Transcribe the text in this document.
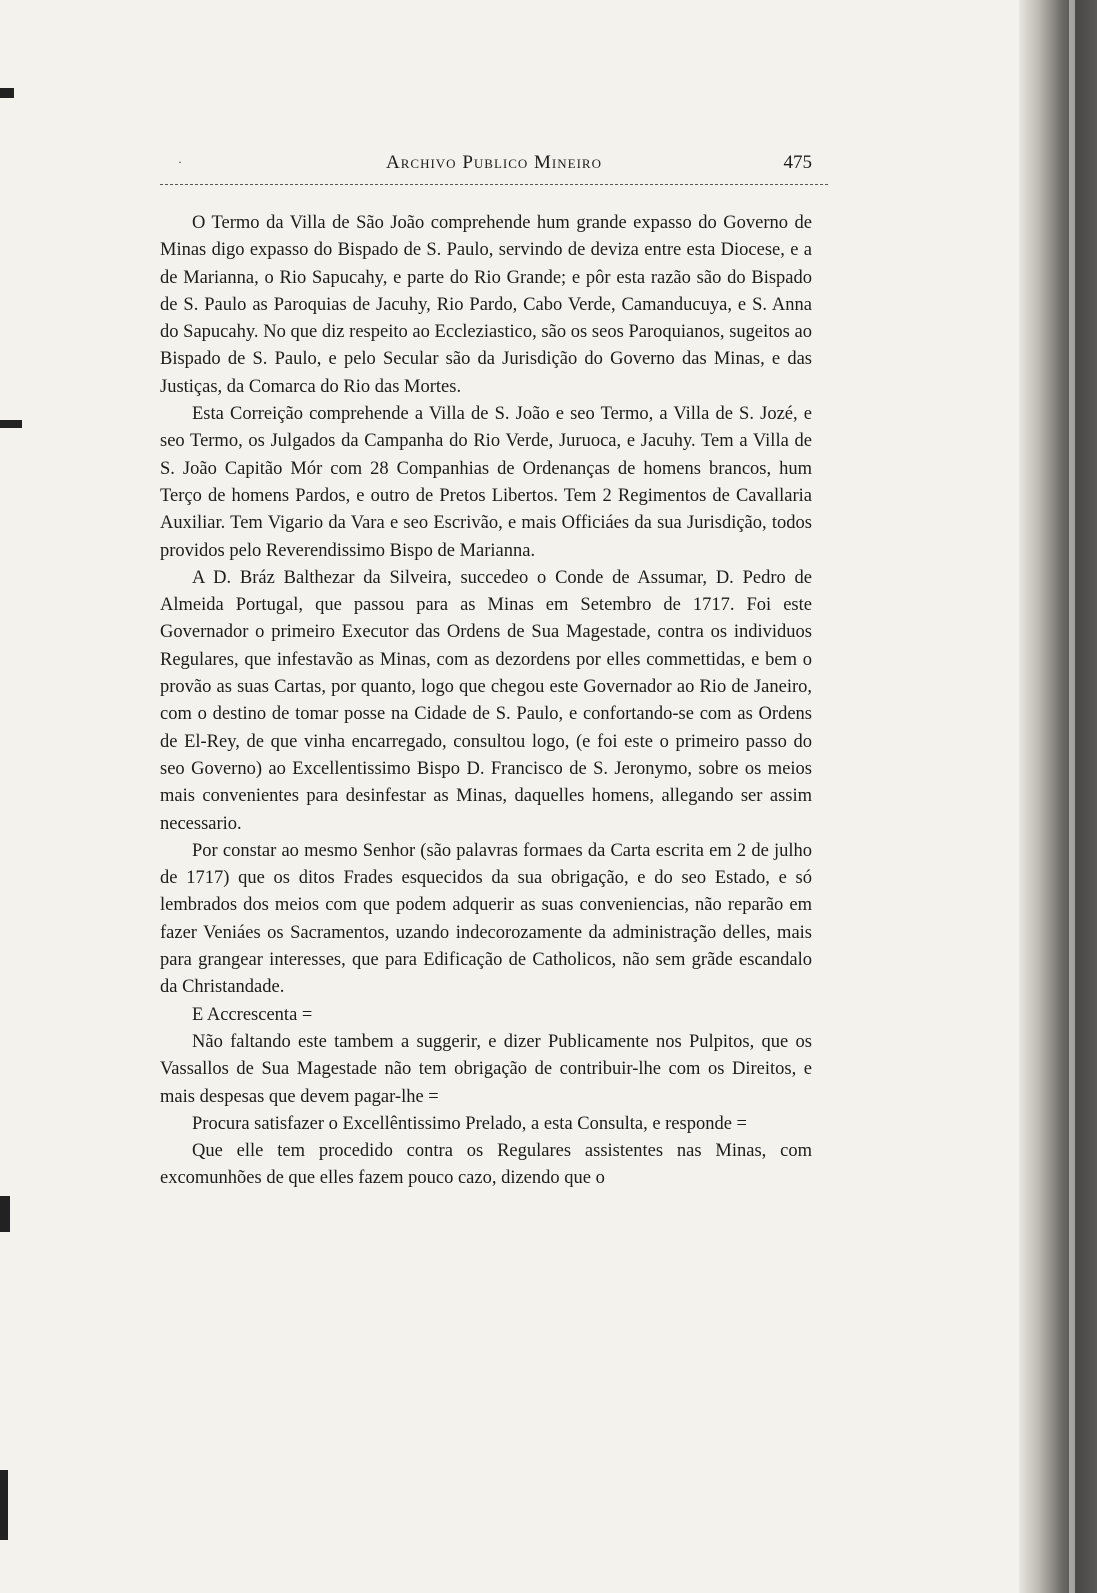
·	Archivo Publico Mineiro	475

O Termo da Villa de São João comprehende hum grande expasso do Governo de Minas digo expasso do Bispado de S. Paulo, servindo de deviza entre esta Diocese, e a de Marianna, o Rio Sapucahy, e parte do Rio Grande; e pôr esta razão são do Bispado de S. Paulo as Paroquias de Jacuhy, Rio Pardo, Cabo Verde, Camanducuya, e S. Anna do Sapucahy. No que diz respeito ao Eccleziastico, são os seos Paroquianos, sugeitos ao Bispado de S. Paulo, e pelo Secular são da Jurisdição do Governo das Minas, e das Justiças, da Comarca do Rio das Mortes.

Esta Correição comprehende a Villa de S. João e seo Termo, a Villa de S. Jozé, e seo Termo, os Julgados da Campanha do Rio Verde, Juruoca, e Jacuhy. Tem a Villa de S. João Capitão Mór com 28 Companhias de Ordenanças de homens brancos, hum Terço de homens Pardos, e outro de Pretos Libertos. Tem 2 Regimentos de Cavallaria Auxiliar. Tem Vigario da Vara e seo Escrivão, e mais Officiáes da sua Jurisdição, todos providos pelo Reverendissimo Bispo de Marianna.

A D. Bráz Balthezar da Silveira, succedeo o Conde de Assumar, D. Pedro de Almeida Portugal, que passou para as Minas em Setembro de 1717. Foi este Governador o primeiro Executor das Ordens de Sua Magestade, contra os individuos Regulares, que infestavão as Minas, com as dezordens por elles commettidas, e bem o provão as suas Cartas, por quanto, logo que chegou este Governador ao Rio de Janeiro, com o destino de tomar posse na Cidade de S. Paulo, e confortando-se com as Ordens de El-Rey, de que vinha encarregado, consultou logo, (e foi este o primeiro passo do seo Governo) ao Excellentissimo Bispo D. Francisco de S. Jeronymo, sobre os meios mais convenientes para desinfestar as Minas, daquelles homens, allegando ser assim necessario.

Por constar ao mesmo Senhor (são palavras formaes da Carta escrita em 2 de julho de 1717) que os ditos Frades esquecidos da sua obrigação, e do seo Estado, e só lembrados dos meios com que podem adquerir as suas conveniencias, não reparão em fazer Veniáes os Sacramentos, uzando indecorozamente da administração delles, mais para grangear interesses, que para Edificação de Catholicos, não sem grãde escandalo da Christandade.

E Accrescenta =

Não faltando este tambem a suggerir, e dizer Publicamente nos Pulpitos, que os Vassallos de Sua Magestade não tem obrigação de contribuir-lhe com os Direitos, e mais despesas que devem pagar-lhe =

Procura satisfazer o Excellêntissimo Prelado, a esta Consulta, e responde =

Que elle tem procedido contra os Regulares assistentes nas Minas, com excomunhões de que elles fazem pouco cazo, dizendo que o
